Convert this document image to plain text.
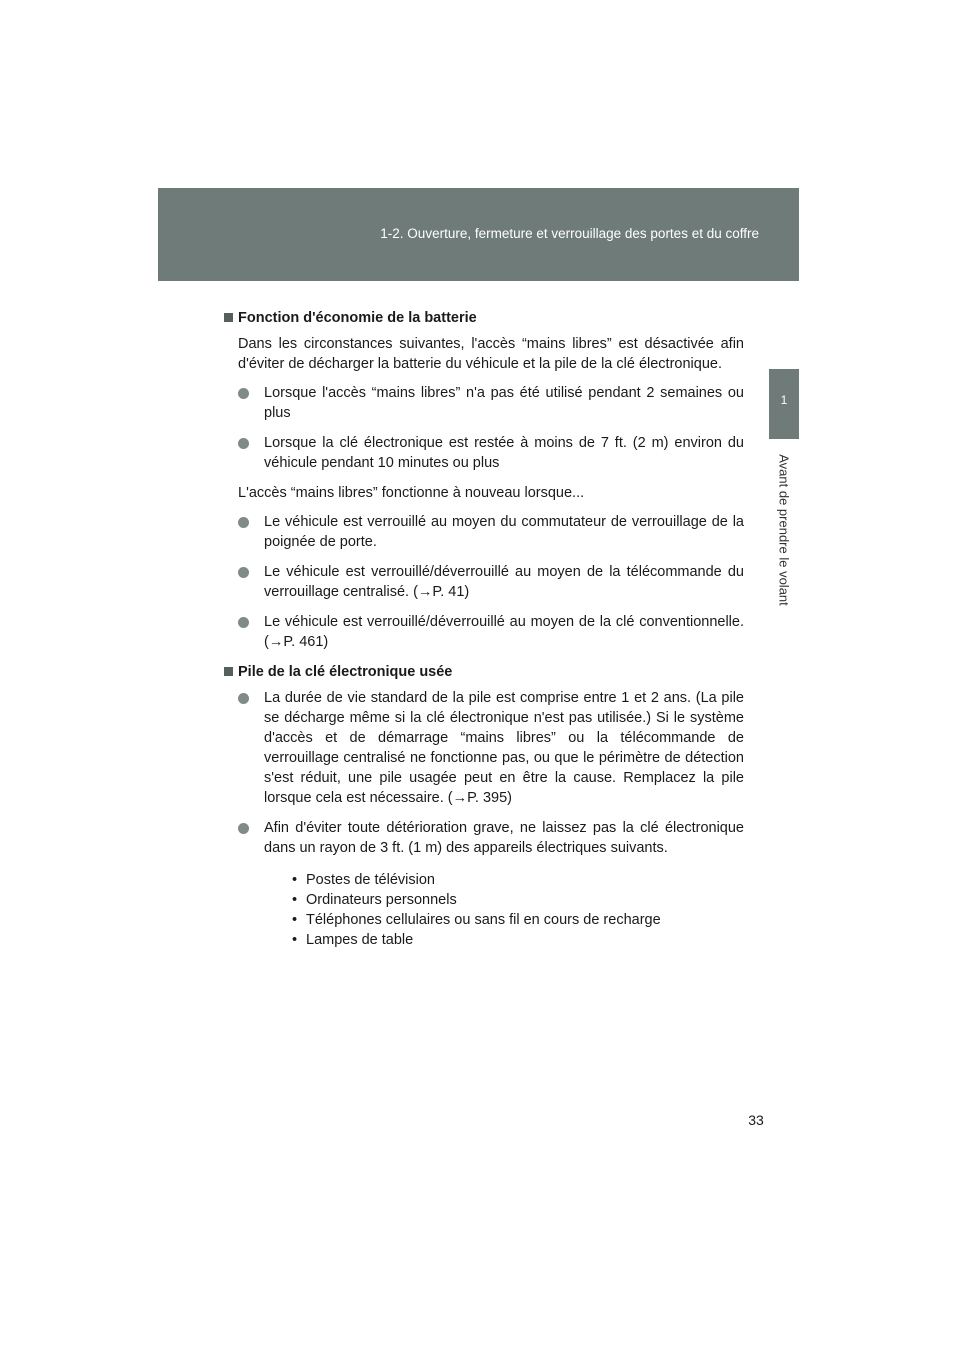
1-2. Ouverture, fermeture et verrouillage des portes et du coffre
1
Avant de prendre le volant
Fonction d'économie de la batterie

Dans les circonstances suivantes, l'accès “mains libres” est désactivée afin d'éviter de décharger la batterie du véhicule et la pile de la clé électronique.

Lorsque l'accès “mains libres” n'a pas été utilisé pendant 2 semaines ou plus
Lorsque la clé électronique est restée à moins de 7 ft. (2 m) environ du véhicule pendant 10 minutes ou plus

L'accès “mains libres” fonctionne à nouveau lorsque...

Le véhicule est verrouillé au moyen du commutateur de verrouillage de la poignée de porte.
Le véhicule est verrouillé/déverrouillé au moyen de la télécommande du verrouillage centralisé. (→P. 41)
Le véhicule est verrouillé/déverrouillé au moyen de la clé conventionnelle. (→P. 461)
Pile de la clé électronique usée
La durée de vie standard de la pile est comprise entre 1 et 2 ans. (La pile se décharge même si la clé électronique n'est pas utilisée.) Si le système d'accès et de démarrage “mains libres” ou la télécommande de verrouillage centralisé ne fonctionne pas, ou que le périmètre de détection s'est réduit, une pile usagée peut en être la cause. Remplacez la pile lorsque cela est nécessaire. (→P. 395)
Afin d'éviter toute détérioration grave, ne laissez pas la clé électronique dans un rayon de 3 ft. (1 m) des appareils électriques suivants.
• Postes de télévision
• Ordinateurs personnels
• Téléphones cellulaires ou sans fil en cours de recharge
• Lampes de table
33
